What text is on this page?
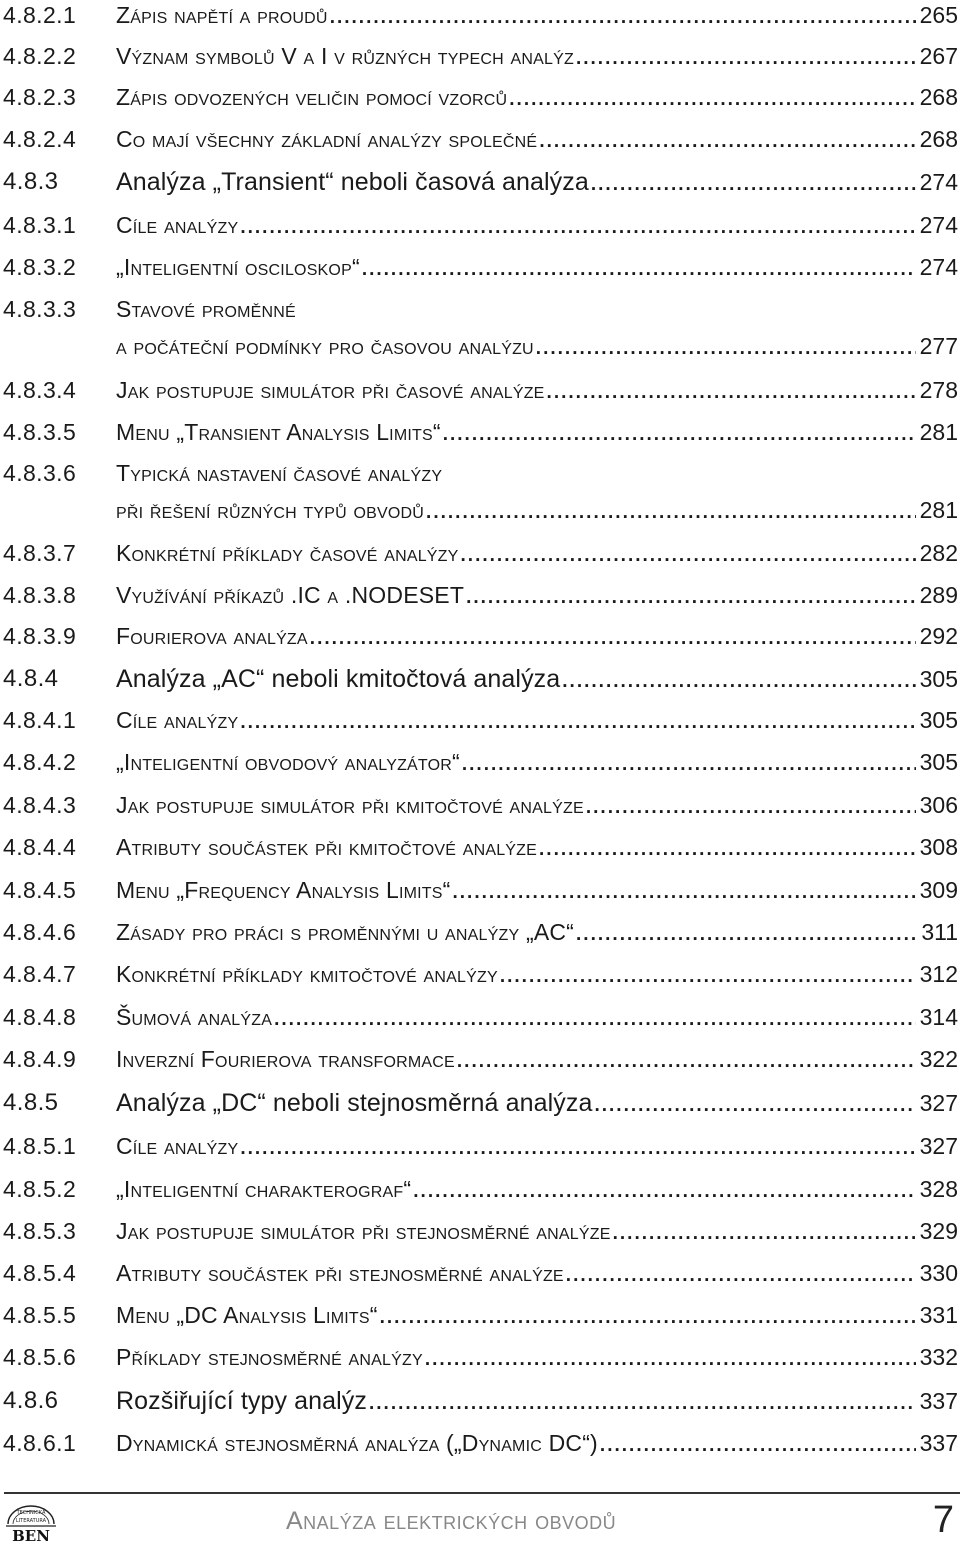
4.8.2.1 Zápis napětí a proudů .....	265
4.8.2.2 Význam symbolů V a I v různých typech analýz .....	267
4.8.2.3 Zápis odvozených veličin pomocí vzorců .....	268
4.8.2.4 Co mají všechny základní analýzy společné .....	268
4.8.3 Analýza „Transient“ neboli časová analýza .....	274
4.8.3.1 Cíle analýzy .....	274
4.8.3.2 „Inteligentní osciloskop“ .....	274
4.8.3.3 Stavové proměnné
a počáteční podmínky pro časovou analýzu .....	277
4.8.3.4 Jak postupuje simulátor při časové analýze .....	278
4.8.3.5 Menu „Transient Analysis Limits“ .....	281
4.8.3.6 Typická nastavení časové analýzy
při řešení různých typů obvodů .....	281
4.8.3.7 Konkrétní příklady časové analýzy .....	282
4.8.3.8 Využívání příkazů .IC a .NODESET .....	289
4.8.3.9 Fourierova analýza .....	292
4.8.4 Analýza „AC“ neboli kmitočtová analýza .....	305
4.8.4.1 Cíle analýzy .....	305
4.8.4.2 „Inteligentní obvodový analyzátor“ .....	305
4.8.4.3 Jak postupuje simulátor při kmitočtové analýze .....	306
4.8.4.4 Atributy součástek při kmitočtové analýze .....	308
4.8.4.5 Menu „Frequency Analysis Limits“ .....	309
4.8.4.6 Zásady pro práci s proměnnými u analýzy „AC“ .....	311
4.8.4.7 Konkrétní příklady kmitočtové analýzy .....	312
4.8.4.8 Šumová analýza .....	314
4.8.4.9 Inverzní Fourierova transformace .....	322
4.8.5 Analýza „DC“ neboli stejnosměrná analýza .....	327
4.8.5.1 Cíle analýzy .....	327
4.8.5.2 „Inteligentní charakterograf“ .....	328
4.8.5.3 Jak postupuje simulátor při stejnosměrné analýze .....	329
4.8.5.4 Atributy součástek při stejnosměrné analýze .....	330
4.8.5.5 Menu „DC Analysis Limits“ .....	331
4.8.5.6 Příklady stejnosměrné analýzy .....	332
4.8.6 Rozšiřující typy analýz .....	337
4.8.6.1 Dynamická stejnosměrná analýza („Dynamic DC“) .....	337
TECHNICKÁ
LITERATURA
BEN
Analýza elektrických obvodů	7
